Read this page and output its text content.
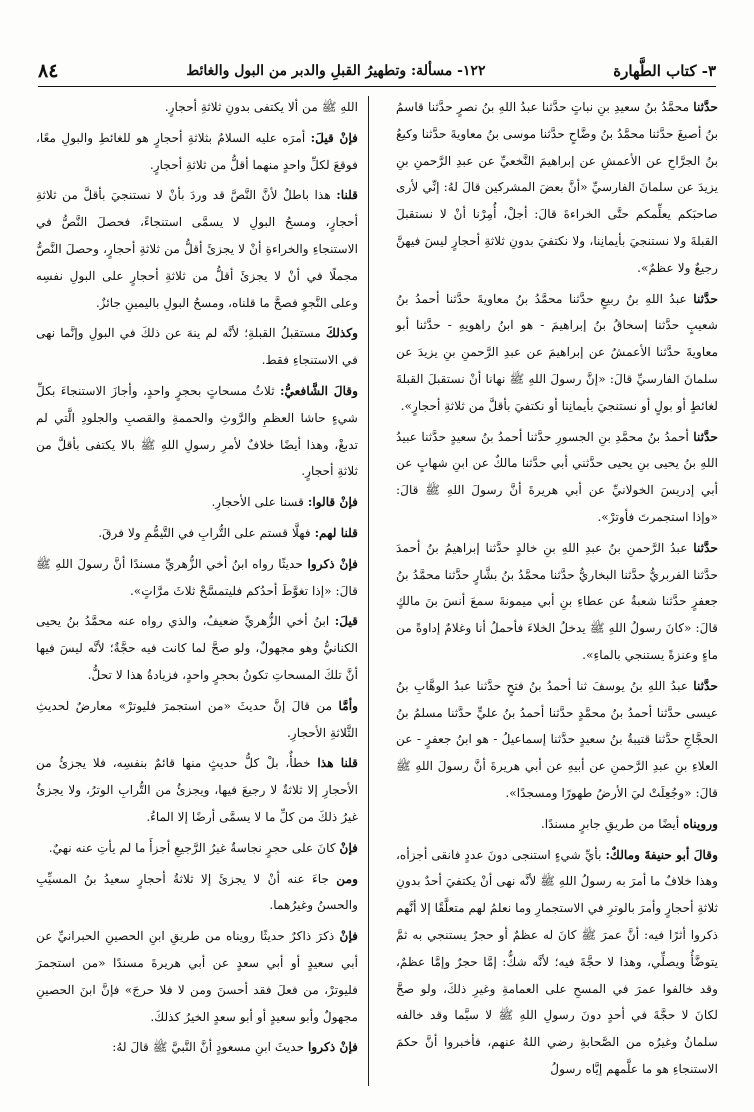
٣- كتاب الطَّهارة
١٢٢- مسألة: وتطهيرُ القبلِ والدبر من البول والغائط
٨٤

حدَّثنا محمَّدُ بنُ سعيدِ بنِ نباتٍ حدَّثنا عبدُ اللهِ بنُ نصرٍ حدَّثنا قاسمُ بنُ أصبغَ حدَّثنا محمَّدُ بنُ وضَّاحٍ حدَّثنا موسى بنُ معاويةَ حدَّثنا وكيعُ بنُ الجرَّاحِ عن الأعمشِ عن إبراهيمَ النَّخعيِّ عن عبدِ الرَّحمنِ بنِ يزيدَ عن سلمانَ الفارسيِّ «أنَّ بعضَ المشركين قالَ لهُ: إنِّي لأرى صاحبَكم يعلِّمكم حتَّى الخراءةَ قالَ: أجلْ، أُمِرْنا أنْ لا نستقبلَ القبلةَ ولا نستنجيَ بأيمانِنا، ولا نكتفيَ بدونِ ثلاثةِ أحجارٍ ليسَ فيهنَّ رجيعٌ ولا عظمٌ».

حدَّثنا عبدُ اللهِ بنُ ربيعٍ حدَّثنا محمَّدُ بنُ معاويةَ حدَّثنا أحمدُ بنُ شعيبٍ حدَّثنا إسحاقُ بنُ إبراهيمَ - هو ابنُ راهويهِ - حدَّثنا أبو معاويةَ حدَّثنا الأعمشُ عن إبراهيمَ عن عبدِ الرَّحمنِ بنِ يزيدَ عن سلمانَ الفارسيِّ قالَ: «إنَّ رسولَ اللهِ ﷺ نهانا أنْ نستقبلَ القبلةَ لغائطٍ أو بولٍ أو نستنجيَ بأيمانِنا أو نكتفيَ بأقلَّ من ثلاثةِ أحجارٍ».

حدَّثنا أحمدُ بنُ محمَّدِ بنِ الجسورِ حدَّثنا أحمدُ بنُ سعيدٍ حدَّثنا عبيدُ اللهِ بنُ يحيى بنِ يحيى حدَّثني أبي حدَّثنا مالكٌ عن ابنِ شهابٍ عن أبي إدريسَ الخولانيِّ عن أبي هريرةَ أنَّ رسولَ اللهِ ﷺ قالَ: «وإذا استجمرتَ فأوترْ».

حدَّثنا عبدُ الرَّحمنِ بنُ عبدِ اللهِ بنِ خالدٍ حدَّثنا إبراهيمُ بنُ أحمدَ حدَّثنا الفربريُّ حدَّثنا البخاريُّ حدَّثنا محمَّدُ بنُ بشَّارٍ حدَّثنا محمَّدُ بنُ جعفرٍ حدَّثنا شعبةُ عن عطاءِ بنِ أبي ميمونةَ سمعَ أنسَ بنَ مالكٍ قالَ: «كانَ رسولُ اللهِ ﷺ يدخلُ الخلاءَ فأحملُ أنا وغلامٌ إداوةً من ماءٍ وعنزةً يستنجي بالماءِ».

حدَّثنا عبدُ اللهِ بنُ يوسفَ ثنا أحمدُ بنُ فتحٍ حدَّثنا عبدُ الوهَّابِ بنُ عيسى حدَّثنا أحمدُ بنُ محمَّدٍ حدَّثنا أحمدُ بنُ عليٍّ حدَّثنا مسلمُ بنُ الحجَّاجِ حدَّثنا قتيبةُ بنُ سعيدٍ حدَّثنا إسماعيلُ - هو ابنُ جعفرٍ - عن العلاءِ بنِ عبدِ الرَّحمنِ عن أبيهِ عن أبي هريرةَ أنَّ رسولَ اللهِ ﷺ قالَ: «وجُعِلَتْ ليَ الأرضُ طهورًا ومسجدًا».

ورويناه أيضًا من طريقِ جابرٍ مسندًا.

وقالَ أبو حنيفةَ ومالكٌ: بأيِّ شيءٍ استنجى دونَ عددٍ فانقى أجزأه، وهذا خلافٌ ما أمرَ به رسولُ اللهِ ﷺ لأنَّه نهى أنْ يكتفيَ أحدٌ بدونِ ثلاثةِ أحجارٍ وأمرَ بالوترِ في الاستجمارِ وما نعلمُ لهم متعلَّقًا إلا أنَّهم ذكروا أثرًا فيه: أنَّ عمرَ ﷺ كانَ له عظمٌ أو حجرٌ يستنجي به ثمَّ يتوضَّأُ ويصلِّي، وهذا لا حجَّةَ فيه؛ لأنَّه شكٌّ: إمَّا حجرٌ وإمَّا عظمٌ، وقد خالفوا عمرَ في المسحِ على العمامةِ وغيرِ ذلكَ، ولو صحَّ لكانَ لا حجَّةَ في أحدٍ دونَ رسولِ اللهِ ﷺ لا سيَّما وقد خالفه سلمانُ وغيرُه من الصَّحابةِ رضي اللهُ عنهم، فأخبروا أنَّ حكمَ الاستنجاءِ هو ما علَّمهم إيَّاه رسولُ

اللهِ ﷺ من ألا يكتفى بدونِ ثلاثةِ أحجارٍ.

فإنْ قيلَ: أمرَه عليه السلامُ بثلاثةِ أحجارٍ هو للغائطِ والبولِ معًا، فوقعَ لكلِّ واحدٍ منهما أقلُّ من ثلاثةِ أحجارٍ.

قلنا: هذا باطلٌ لأنَّ النَّصَّ قد وردَ بأنْ لا نستنجيَ بأقلَّ من ثلاثةِ أحجارٍ، ومسحُ البولِ لا يسمَّى استنجاءً، فحصلَ النَّصُّ في الاستنجاءِ والخراءةِ أنْ لا يجزئَ أقلُّ من ثلاثةِ أحجارٍ، وحصلَ النَّصُّ مجملًا في أنْ لا يجزئَ أقلُّ من ثلاثةِ أحجارٍ على البولِ نفسِه وعلى النَّجوِ فصحَّ ما قلناه، ومسحُ البولِ باليمينِ جائزٌ.

وكذلكَ مستقبلُ القبلةِ؛ لأنَّه لم ينهَ عن ذلكَ في البولِ وإنَّما نهى في الاستنجاءِ فقط.

وقالَ الشَّافعيُّ: ثلاثُ مسحاتٍ بحجرٍ واحدٍ، وأجازَ الاستنجاءَ بكلِّ شيءٍ حاشا العظمِ والرَّوثِ والحممةِ والقصبِ والجلودِ الَّتي لم تدبغْ، وهذا أيضًا خلافٌ لأمرِ رسولِ اللهِ ﷺ بالا يكتفى بأقلَّ من ثلاثةِ أحجارٍ.

فإنْ قالوا: قسنا على الأحجارِ.

قلنا لهم: فهلَّا قستم على التُّرابِ في التَّيمُّمِ ولا فرقَ.

فإنْ ذكروا حديثًا رواه ابنُ أخي الزُّهريِّ مسندًا أنَّ رسولَ اللهِ ﷺ قالَ: «إذا تغوَّطَ أحدُكم فليتمسَّحْ ثلاثَ مرَّاتٍ».

قيلَ: ابنُ أخي الزُّهريِّ ضعيفٌ، والذي رواه عنه محمَّدُ بنُ يحيى الكنانيُّ وهو مجهولٌ، ولو صحَّ لما كانت فيه حجَّةٌ؛ لأنَّه ليسَ فيها أنَّ تلكَ المسحاتِ تكونُ بحجرٍ واحدٍ، فزيادةُ هذا لا تحلُّ.

وأمَّا من قالَ إنَّ حديثَ «من استجمرَ فليوترْ» معارضٌ لحديثِ الثَّلاثةِ الأحجارِ.

قلنا هذا خطأٌ، بلْ كلُّ حديثٍ منها قائمٌ بنفسِه، فلا يجزئُ من الأحجارِ إلا ثلاثةٌ لا رجيعَ فيها، ويجزئُ من التُّرابِ الوترُ، ولا يجزئُ غيرُ ذلكَ من كلِّ ما لا يسمَّى أرضًا إلا الماءُ.

فإنْ كانَ على حجرٍ نجاسةٌ غيرُ الرَّجيعِ أجزأَ ما لم يأتِ عنه نهيٌ.

ومن جاءَ عنه أنْ لا يجزئَ إلا ثلاثةُ أحجارٍ سعيدُ بنُ المسيِّبِ والحسنُ وغيرُهما.

فإنْ ذكرَ ذاكرٌ حديثًا رويناه من طريقِ ابنِ الحصينِ الحبرانيِّ عن أبي سعيدٍ أو أبي سعدٍ عن أبي هريرةَ مسندًا «من استجمرَ فليوترْ، من فعلَ فقد أحسنَ ومن لا فلا حرجَ» فإنَّ ابنَ الحصينِ مجهولٌ وأبو سعيدٍ أو أبو سعدٍ الخيرُ كذلكَ.

فإنْ ذكروا حديثَ ابنِ مسعودٍ أنَّ النَّبيَّ ﷺ قالَ لهُ:
